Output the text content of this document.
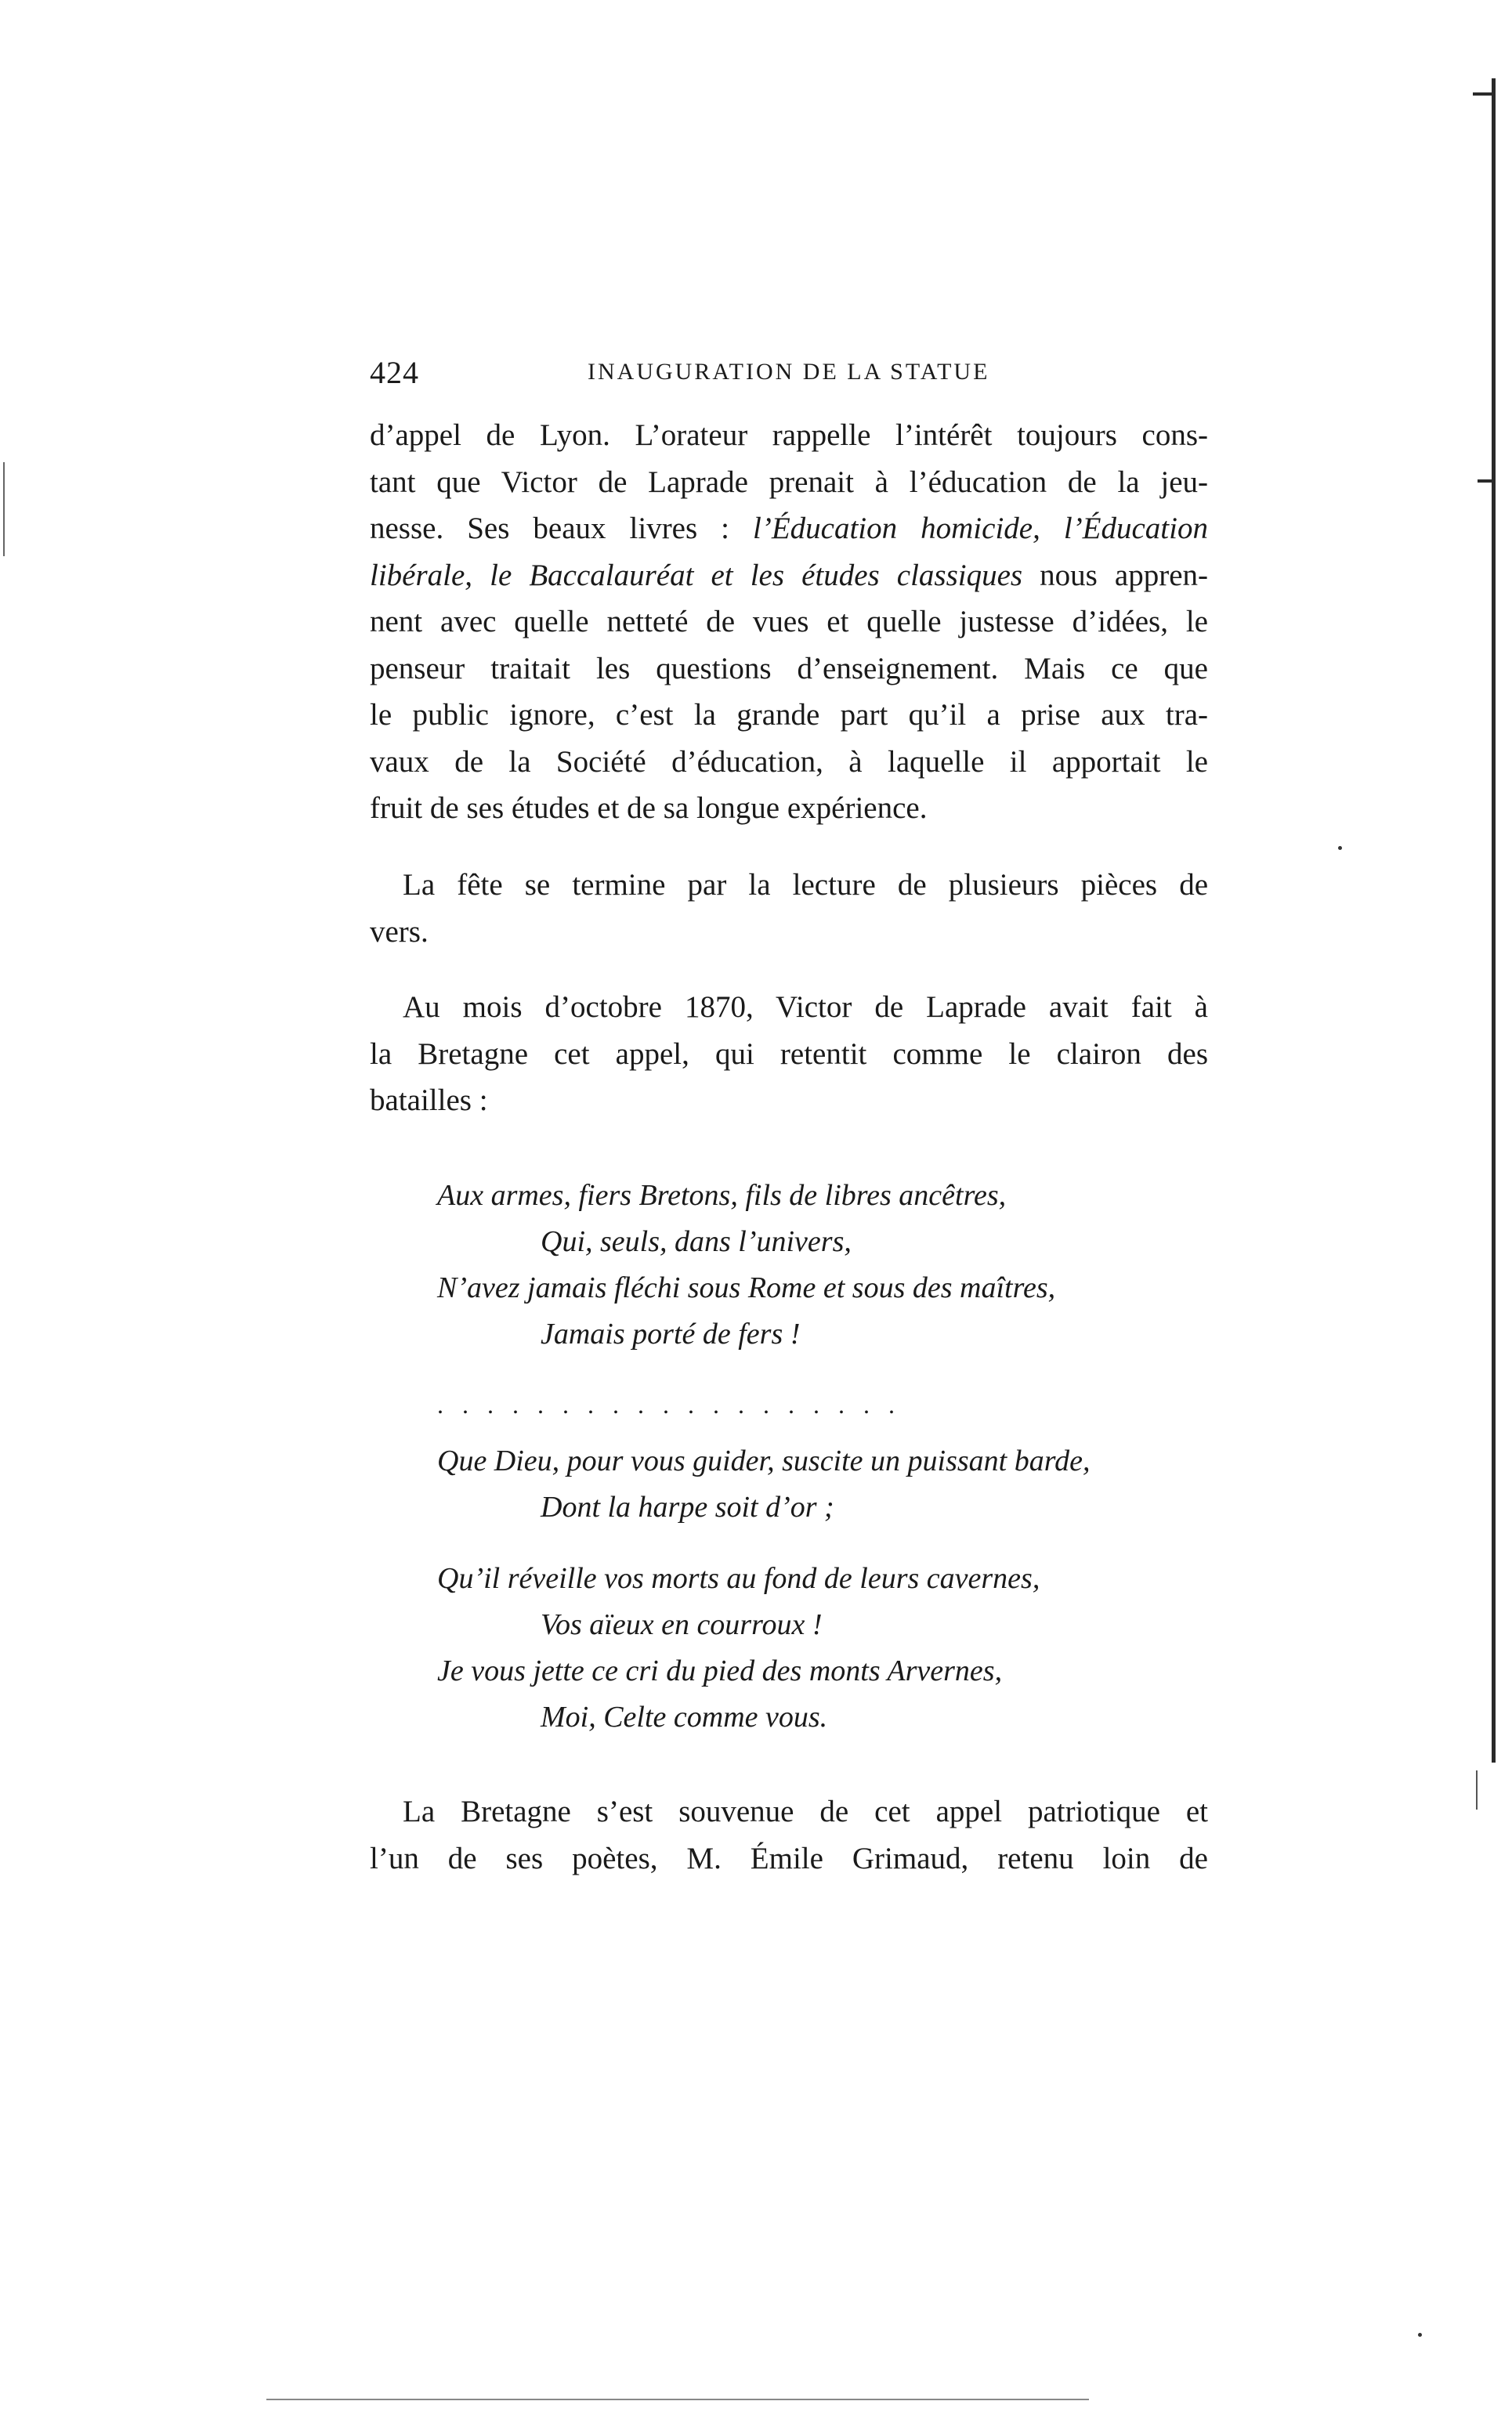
424	INAUGURATION DE LA STATUE
d’appel de Lyon. L’orateur rappelle l’intérêt toujours cons-
tant que Victor de Laprade prenait à l’éducation de la jeu-
nesse. Ses beaux livres : l’Éducation homicide, l’Éducation
libérale, le Baccalauréat et les études classiques nous appren-
nent avec quelle netteté de vues et quelle justesse d’idées, le
penseur traitait les questions d’enseignement. Mais ce que
le public ignore, c’est la grande part qu’il a prise aux tra-
vaux de la Société d’éducation, à laquelle il apportait le
fruit de ses études et de sa longue expérience.
La fête se termine par la lecture de plusieurs pièces de
vers.
Au mois d’octobre 1870, Victor de Laprade avait fait à
la Bretagne cet appel, qui retentit comme le clairon des
batailles :
Aux armes, fiers Bretons, fils de libres ancêtres,
Qui, seuls, dans l’univers,
N’avez jamais fléchi sous Rome et sous des maîtres,
Jamais porté de fers !
...................
Que Dieu, pour vous guider, suscite un puissant barde,
Dont la harpe soit d’or ;
Qu’il réveille vos morts au fond de leurs cavernes,
Vos aïeux en courroux !
Je vous jette ce cri du pied des monts Arvernes,
Moi, Celte comme vous.
La Bretagne s’est souvenue de cet appel patriotique et
l’un de ses poètes, M. Émile Grimaud, retenu loin de
